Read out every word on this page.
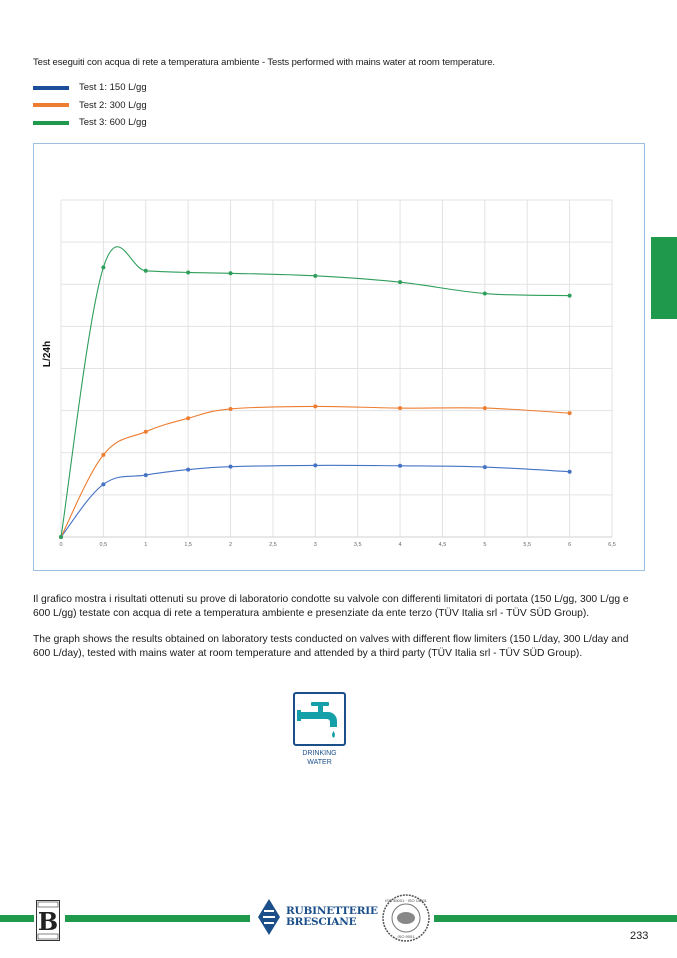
Test eseguiti con acqua di rete a temperatura ambiente - Tests performed with mains water at room temperature.
Test 1: 150 L/gg
Test 2: 300 L/gg
Test 3: 600 L/gg
0	0,5	1	1,5	2	2,5	3	3,5	4	4,5	5	5,5	6	6,5
L/24h

Il grafico mostra i risultati ottenuti su prove di laboratorio condotte su valvole con differenti limitatori di portata (150 L/gg, 300 L/gg e 600 L/gg) testate con acqua di rete a temperatura ambiente e presenziate da ente terzo (TÜV Italia srl - TÜV SÜD Group).

The graph shows the results obtained on laboratory tests conducted on valves with different flow limiters (150 L/day, 300 L/day and 600 L/day), tested with mains water at room temperature and attended by a third party (TÜV Italia srl - TÜV SÜD Group).

DRINKING
WATER
B	RUBINETTERIE
BRESCIANE
ISO 45001 · ISO 14001
ISO 9001	233
